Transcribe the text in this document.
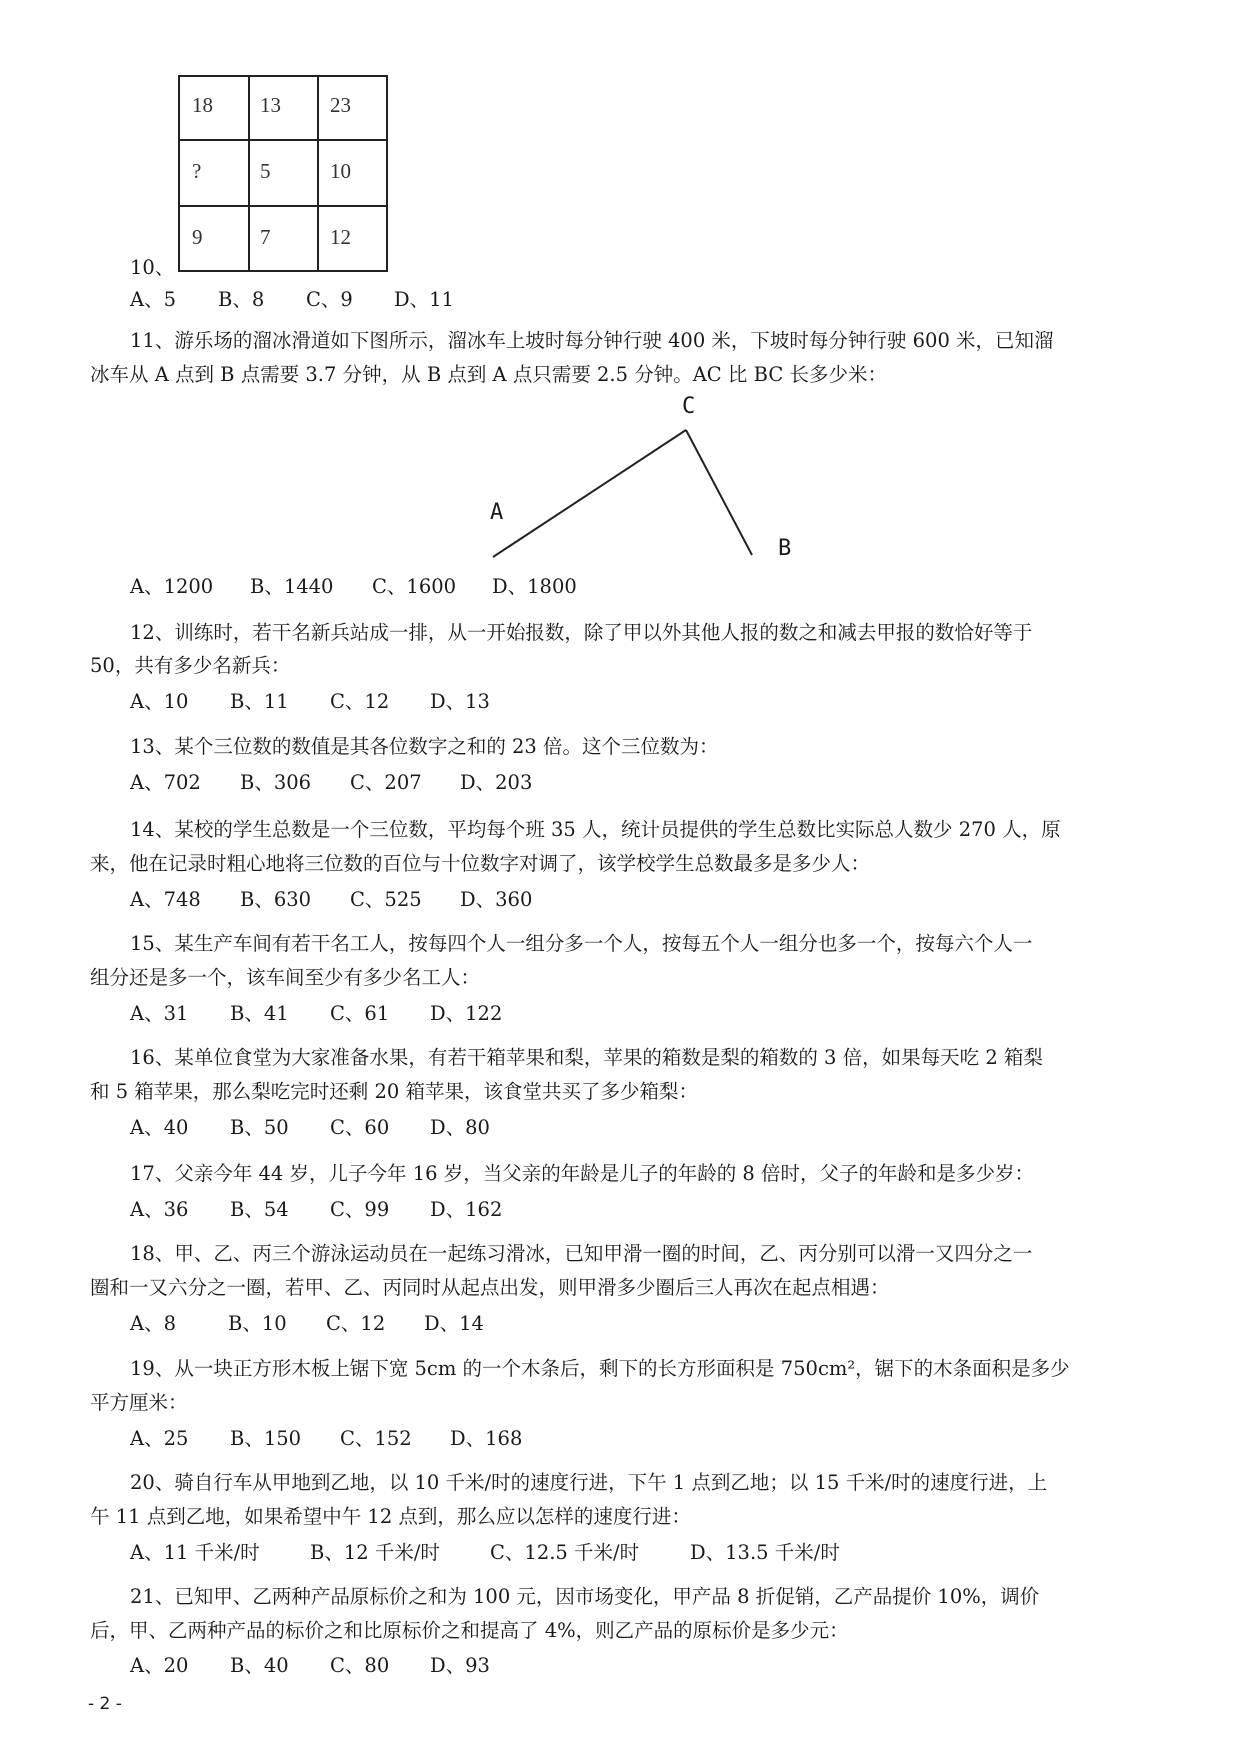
18 13 23
?	5	10
9	7	12
10、
A、5 B、8 C、9 D、11
11、游乐场的溜冰滑道如下图所示，溜冰车上坡时每分钟行驶 400 米，下坡时每分钟行驶 600 米，已知溜
冰车从 A 点到 B 点需要 3.7 分钟，从 B 点到 A 点只需要 2.5 分钟。AC 比 BC 长多少米：
C
A
B
A、1200 B、1440 C、1600 D、1800
12、训练时，若干名新兵站成一排，从一开始报数，除了甲以外其他人报的数之和减去甲报的数恰好等于
50，共有多少名新兵：
A、10 B、11 C、12 D、13
13、某个三位数的数值是其各位数字之和的 23 倍。这个三位数为：
A、702 B、306 C、207 D、203
14、某校的学生总数是一个三位数，平均每个班 35 人，统计员提供的学生总数比实际总人数少 270 人，原
来，他在记录时粗心地将三位数的百位与十位数字对调了，该学校学生总数最多是多少人：
A、748 B、630 C、525 D、360
15、某生产车间有若干名工人，按每四个人一组分多一个人，按每五个人一组分也多一个，按每六个人一
组分还是多一个，该车间至少有多少名工人：
A、31 B、41 C、61 D、122
16、某单位食堂为大家准备水果，有若干箱苹果和梨，苹果的箱数是梨的箱数的 3 倍，如果每天吃 2 箱梨
和 5 箱苹果，那么梨吃完时还剩 20 箱苹果，该食堂共买了多少箱梨：
A、40 B、50 C、60 D、80
17、父亲今年 44 岁，儿子今年 16 岁，当父亲的年龄是儿子的年龄的 8 倍时，父子的年龄和是多少岁：
A、36 B、54 C、99 D、162
18、甲、乙、丙三个游泳运动员在一起练习滑冰，已知甲滑一圈的时间，乙、丙分别可以滑一又四分之一
圈和一又六分之一圈，若甲、乙、丙同时从起点出发，则甲滑多少圈后三人再次在起点相遇：
A、8	B、10 C、12 D、14
19、从一块正方形木板上锯下宽 5cm 的一个木条后，剩下的长方形面积是 750cm²，锯下的木条面积是多少
平方厘米：
A、25 B、150 C、152 D、168
20、骑自行车从甲地到乙地，以 10 千米/时的速度行进，下午 1 点到乙地；以 15 千米/时的速度行进，上
午 11 点到乙地，如果希望中午 12 点到，那么应以怎样的速度行进：
A、11 千米/时	B、12 千米/时	C、12.5 千米/时	D、13.5 千米/时
21、已知甲、乙两种产品原标价之和为 100 元，因市场变化，甲产品 8 折促销，乙产品提价 10%，调价
后，甲、乙两种产品的标价之和比原标价之和提高了 4%，则乙产品的原标价是多少元：
A、20 B、40 C、80 D、93
- 2 -
